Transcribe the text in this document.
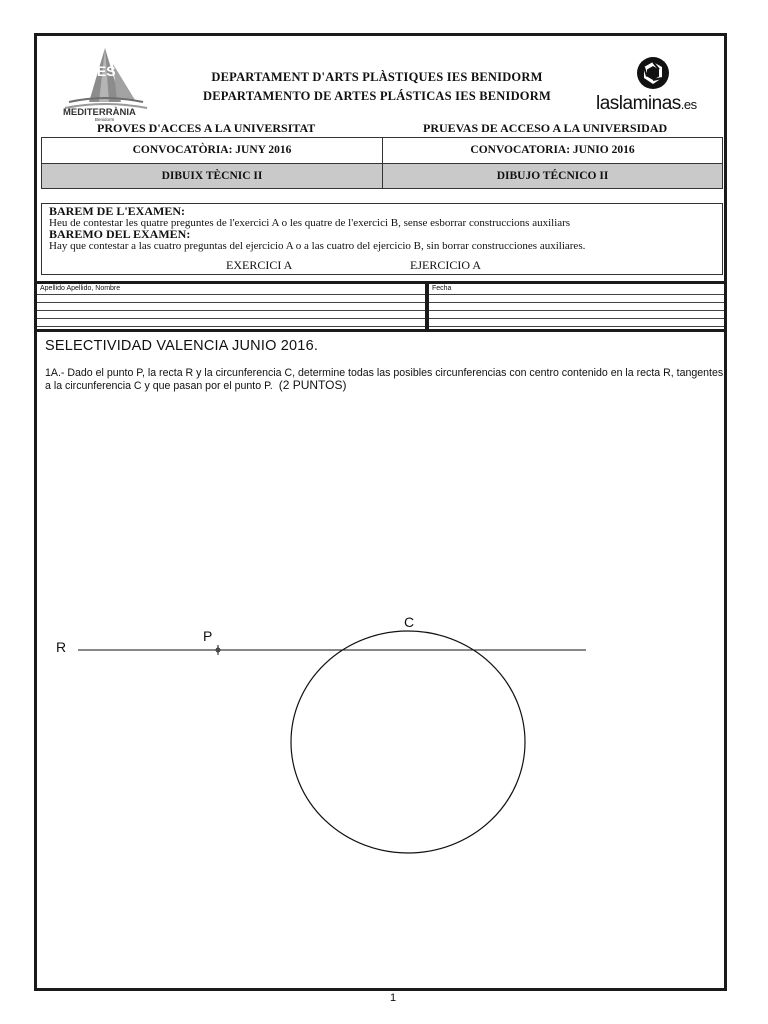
IES
MEDITERRÀNIA
Benidorm
DEPARTAMENT D'ARTS PLÀSTIQUES IES BENIDORM
DEPARTAMENTO DE ARTES PLÁSTICAS IES BENIDORM	laslaminas.es
PROVES D'ACCES A LA UNIVERSITAT	PRUEVAS DE ACCESO A LA UNIVERSIDAD
CONVOCATÒRIA: JUNY 2016	CONVOCATORIA: JUNIO 2016
DIBUIX TÈCNIC II	DIBUJO TÉCNICO II
BAREM DE L'EXAMEN:
Heu de contestar les quatre preguntes de l'exercici A o les quatre de l'exercici B, sense esborrar construccions auxiliars
BAREMO DEL EXAMEN:
Hay que contestar a las cuatro preguntas del ejercicio A o a las cuatro del ejercicio B, sin borrar construcciones auxiliares.
EXERCICI A	EJERCICIO A
Apellido Apellido, Nombre	Fecha
SELECTIVIDAD VALENCIA JUNIO 2016.
1A.- Dado el punto P, la recta R y la circunferencia C, determine todas las posibles circunferencias con centro contenido en la recta R, tangentes a la circunferencia C y que pasan por el punto P. (2 PUNTOS)
R
P
C
1
